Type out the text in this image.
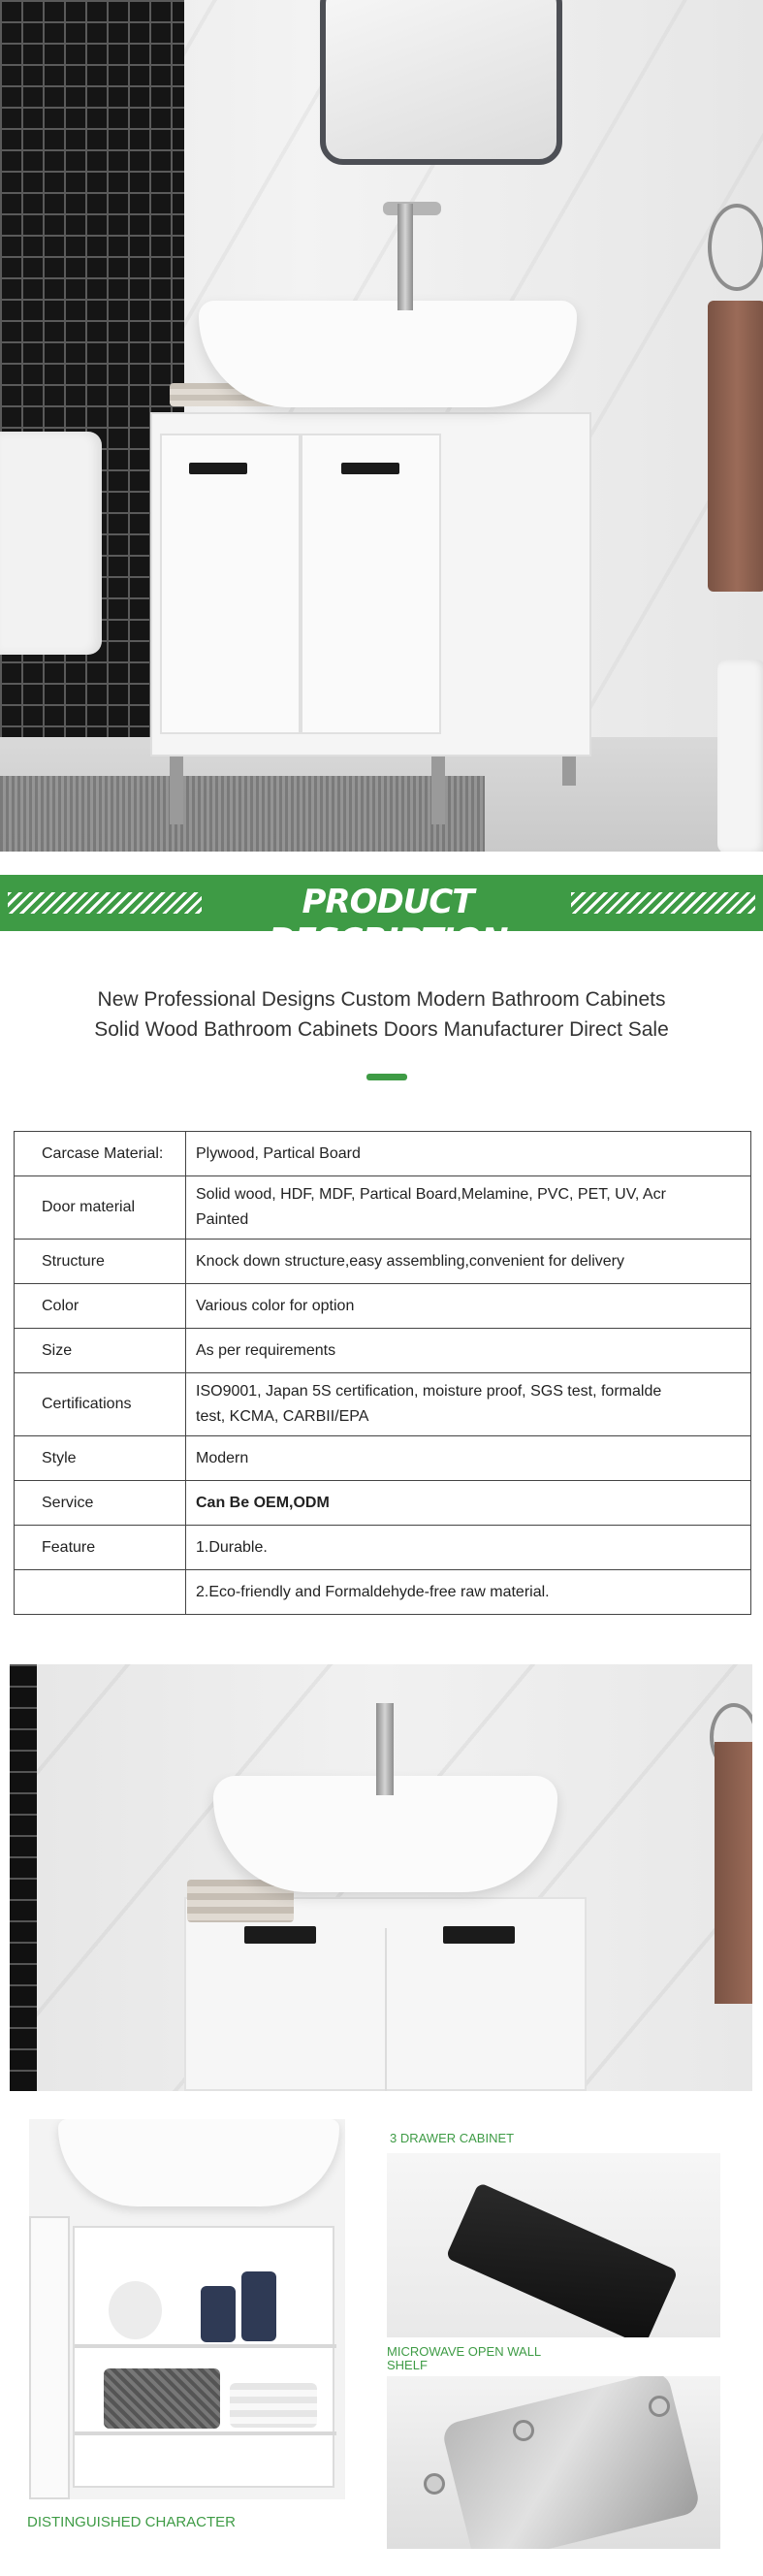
PRODUCT DESCRIPTION
New Professional Designs Custom Modern Bathroom Cabinets
Solid Wood Bathroom Cabinets Doors Manufacturer Direct Sale
Carcase Material:	Plywood, Partical Board
Door material	Solid wood, HDF, MDF, Partical Board,Melamine, PVC, PET, UV, Acr
Painted

Structure	Knock down structure,easy assembling,convenient for delivery
Color	Various color for option
Size	As per requirements
Certifications	ISO9001, Japan 5S certification, moisture proof, SGS test, formalde
test, KCMA, CARBII/EPA

Style	Modern
Service	Can Be OEM,ODM
Feature	1.Durable.
	2.Eco-friendly and Formaldehyde-free raw material.
3 DRAWER CABINET
MICROWAVE OPEN WALL
SHELF
DISTINGUISHED CHARACTER
